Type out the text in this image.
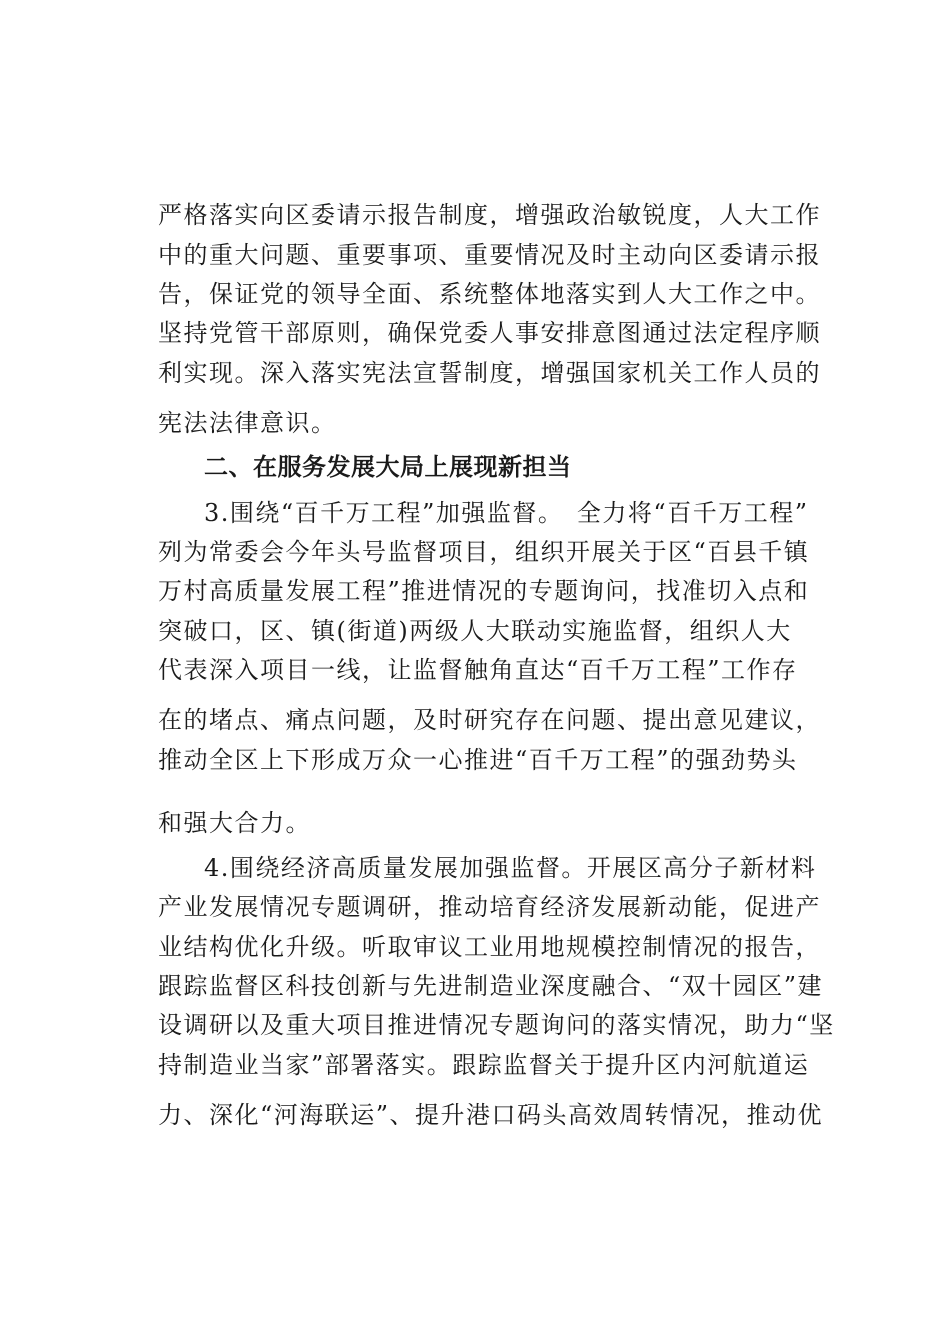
严格落实向区委请示报告制度，增强政治敏锐度，人大工作
中的重大问题、重要事项、重要情况及时主动向区委请示报
告，保证党的领导全面、系统整体地落实到人大工作之中。
坚持党管干部原则，确保党委人事安排意图通过法定程序顺
利实现。深入落实宪法宣誓制度，增强国家机关工作人员的
宪法法律意识。
二、在服务发展大局上展现新担当
3.围绕“百千万工程”加强监督。　全力将“百千万工程”
列为常委会今年头号监督项目，组织开展关于区“百县千镇
万村高质量发展工程”推进情况的专题询问，找准切入点和
突破口，区、镇(街道)两级人大联动实施监督，组织人大
代表深入项目一线，让监督触角直达“百千万工程”工作存
在的堵点、痛点问题，及时研究存在问题、提出意见建议，
推动全区上下形成万众一心推进“百千万工程”的强劲势头
和强大合力。
4.围绕经济高质量发展加强监督。开展区高分子新材料
产业发展情况专题调研，推动培育经济发展新动能，促进产
业结构优化升级。听取审议工业用地规模控制情况的报告，
跟踪监督区科技创新与先进制造业深度融合、“双十园区”建
设调研以及重大项目推进情况专题询问的落实情况，助力“坚
持制造业当家”部署落实。跟踪监督关于提升区内河航道运
力、深化“河海联运”、提升港口码头高效周转情况，推动优
